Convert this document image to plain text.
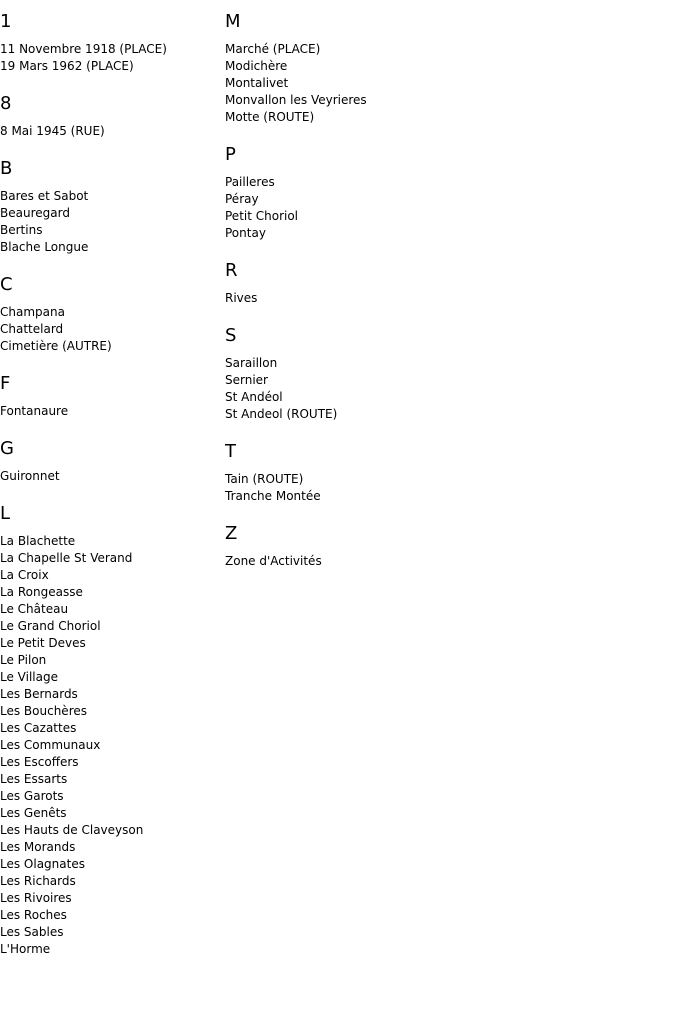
1
11 Novembre 1918 (PLACE)
19 Mars 1962 (PLACE)
8
8 Mai 1945 (RUE)
B
Bares et Sabot
Beauregard
Bertins
Blache Longue
C
Champana
Chattelard
Cimetière (AUTRE)
F
Fontanaure
G
Guironnet
L
La Blachette
La Chapelle St Verand
La Croix
La Rongeasse
Le Château
Le Grand Choriol
Le Petit Deves
Le Pilon
Le Village
Les Bernards
Les Bouchères
Les Cazattes
Les Communaux
Les Escoffers
Les Essarts
Les Garots
Les Genêts
Les Hauts de Claveyson
Les Morands
Les Olagnates
Les Richards
Les Rivoires
Les Roches
Les Sables
L'Horme
M
Marché (PLACE)
Modichère
Montalivet
Monvallon les Veyrieres
Motte (ROUTE)
P
Pailleres
Péray
Petit Choriol
Pontay
R
Rives
S
Saraillon
Sernier
St Andéol
St Andeol (ROUTE)
T
Tain (ROUTE)
Tranche Montée
Z
Zone d'Activités
